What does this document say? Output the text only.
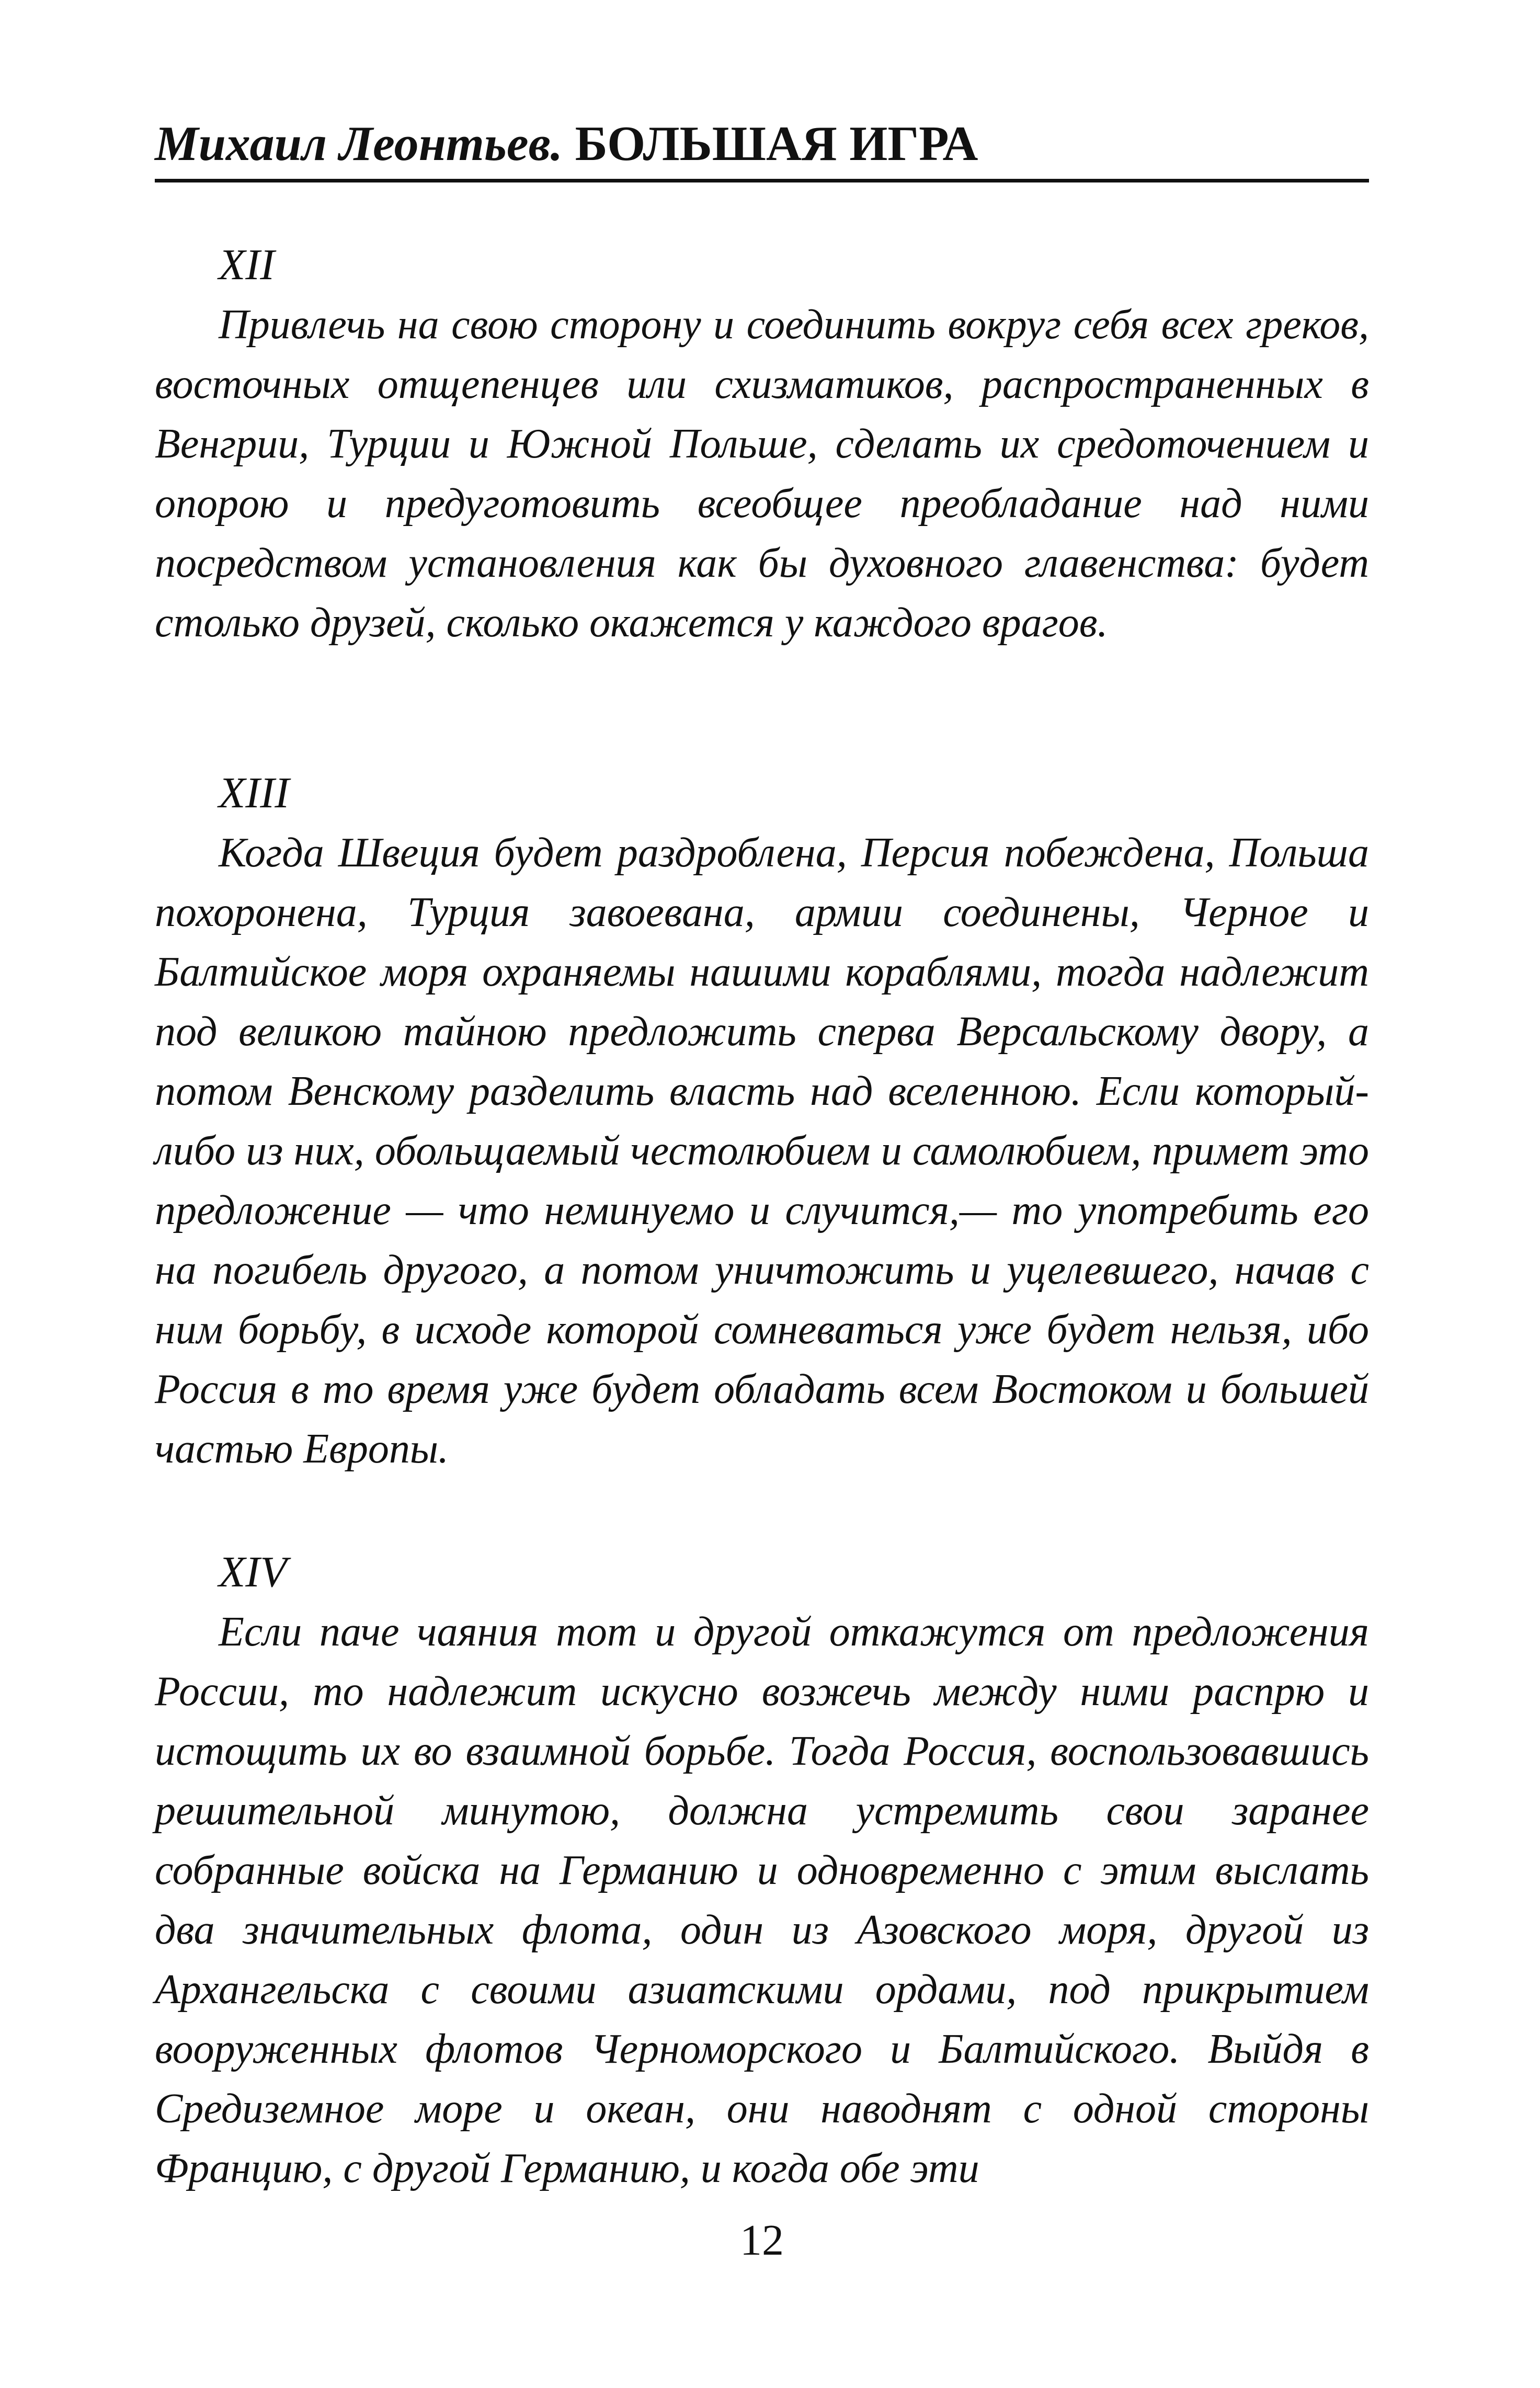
Михаил Леонтьев. БОЛЬШАЯ ИГРА

XII

Привлечь на свою сторону и соединить вокруг себя всех греков, восточных отщепенцев или схизматиков, распространенных в Венгрии, Турции и Южной Польше, сделать их средоточением и опорою и предуготовить всеобщее преобладание над ними посредством установления как бы духовного главенства: будет столько друзей, сколько окажется у каждого врагов.

XIII

Когда Швеция будет раздроблена, Персия побеждена, Польша похоронена, Турция завоевана, армии соединены, Черное и Балтийское моря охраняемы нашими кораблями, тогда надлежит под великою тайною предложить сперва Версальскому двору, а потом Венскому разделить власть над вселенною. Если который-либо из них, обольщаемый честолюбием и самолюбием, примет это предложение — что неминуемо и случится,— то употребить его на погибель другого, а потом уничтожить и уцелевшего, начав с ним борьбу, в исходе которой сомневаться уже будет нельзя, ибо Россия в то время уже будет обладать всем Востоком и большей частью Европы.

XIV

Если паче чаяния тот и другой откажутся от предложения России, то надлежит искусно возжечь между ними распрю и истощить их во взаимной борьбе. Тогда Россия, воспользовавшись решительной минутою, должна устремить свои заранее собранные войска на Германию и одновременно с этим выслать два значительных флота, один из Азовского моря, другой из Архангельска с своими азиатскими ордами, под прикрытием вооруженных флотов Черноморского и Балтийского. Выйдя в Средиземное море и океан, они наводнят с одной стороны Францию, с другой Германию, и когда обе эти

12
